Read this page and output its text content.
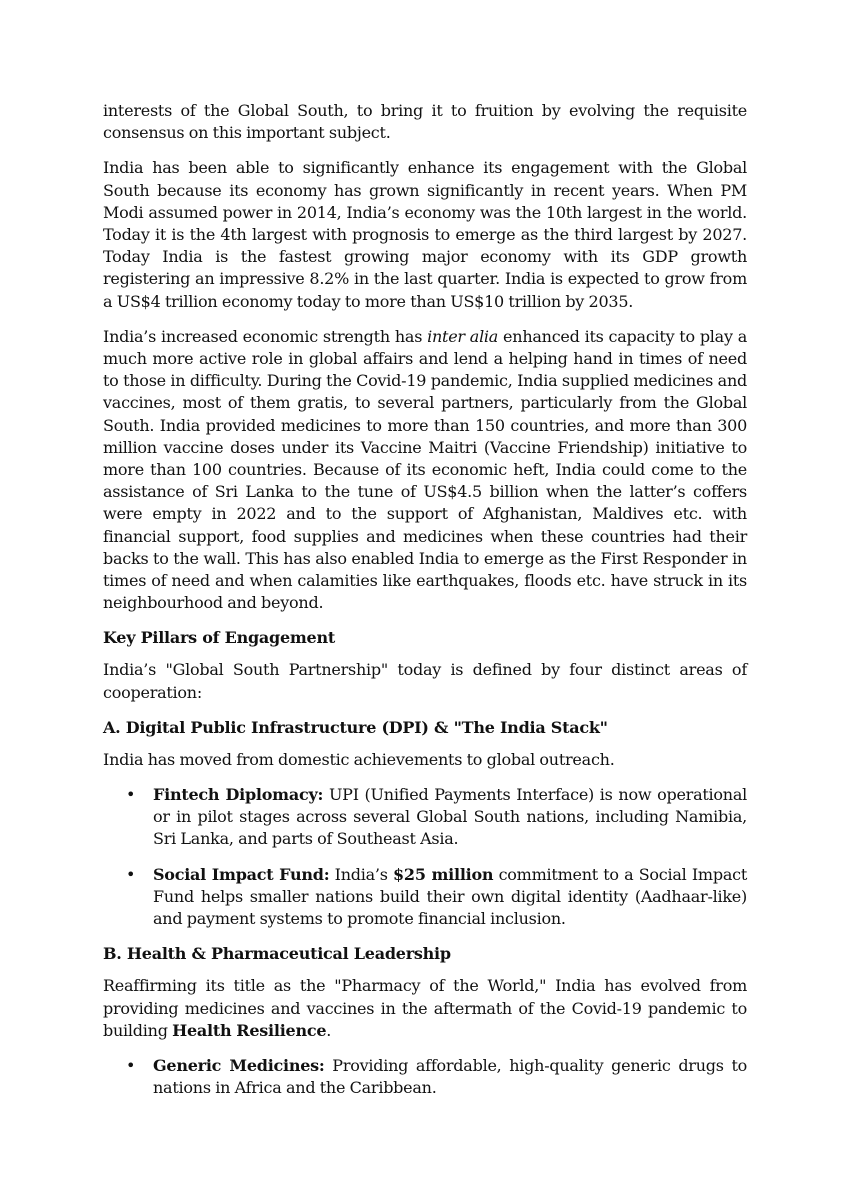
interests of the Global South, to bring it to fruition by evolving the requisite consensus on this important subject.

India has been able to significantly enhance its engagement with the Global South because its economy has grown significantly in recent years. When PM Modi assumed power in 2014, India’s economy was the 10th largest in the world. Today it is the 4th largest with prognosis to emerge as the third largest by 2027. Today India is the fastest growing major economy with its GDP growth registering an impressive 8.2% in the last quarter. India is expected to grow from a US$4 trillion economy today to more than US$10 trillion by 2035.

India’s increased economic strength has inter alia enhanced its capacity to play a much more active role in global affairs and lend a helping hand in times of need to those in difficulty. During the Covid-19 pandemic, India supplied medicines and vaccines, most of them gratis, to several partners, particularly from the Global South. India provided medicines to more than 150 countries, and more than 300 million vaccine doses under its Vaccine Maitri (Vaccine Friendship) initiative to more than 100 countries. Because of its economic heft, India could come to the assistance of Sri Lanka to the tune of US$4.5 billion when the latter’s coffers were empty in 2022 and to the support of Afghanistan, Maldives etc. with financial support, food supplies and medicines when these countries had their backs to the wall. This has also enabled India to emerge as the First Responder in times of need and when calamities like earthquakes, floods etc. have struck in its neighbourhood and beyond.

Key Pillars of Engagement

India’s "Global South Partnership" today is defined by four distinct areas of cooperation:

A. Digital Public Infrastructure (DPI) & "The India Stack"

India has moved from domestic achievements to global outreach.

• Fintech Diplomacy: UPI (Unified Payments Interface) is now operational or in pilot stages across several Global South nations, including Namibia, Sri Lanka, and parts of Southeast Asia.
• Social Impact Fund: India’s $25 million commitment to a Social Impact Fund helps smaller nations build their own digital identity (Aadhaar-like) and payment systems to promote financial inclusion.

B. Health & Pharmaceutical Leadership

Reaffirming its title as the "Pharmacy of the World," India has evolved from providing medicines and vaccines in the aftermath of the Covid-19 pandemic to building Health Resilience.

• Generic Medicines: Providing affordable, high-quality generic drugs to nations in Africa and the Caribbean.
